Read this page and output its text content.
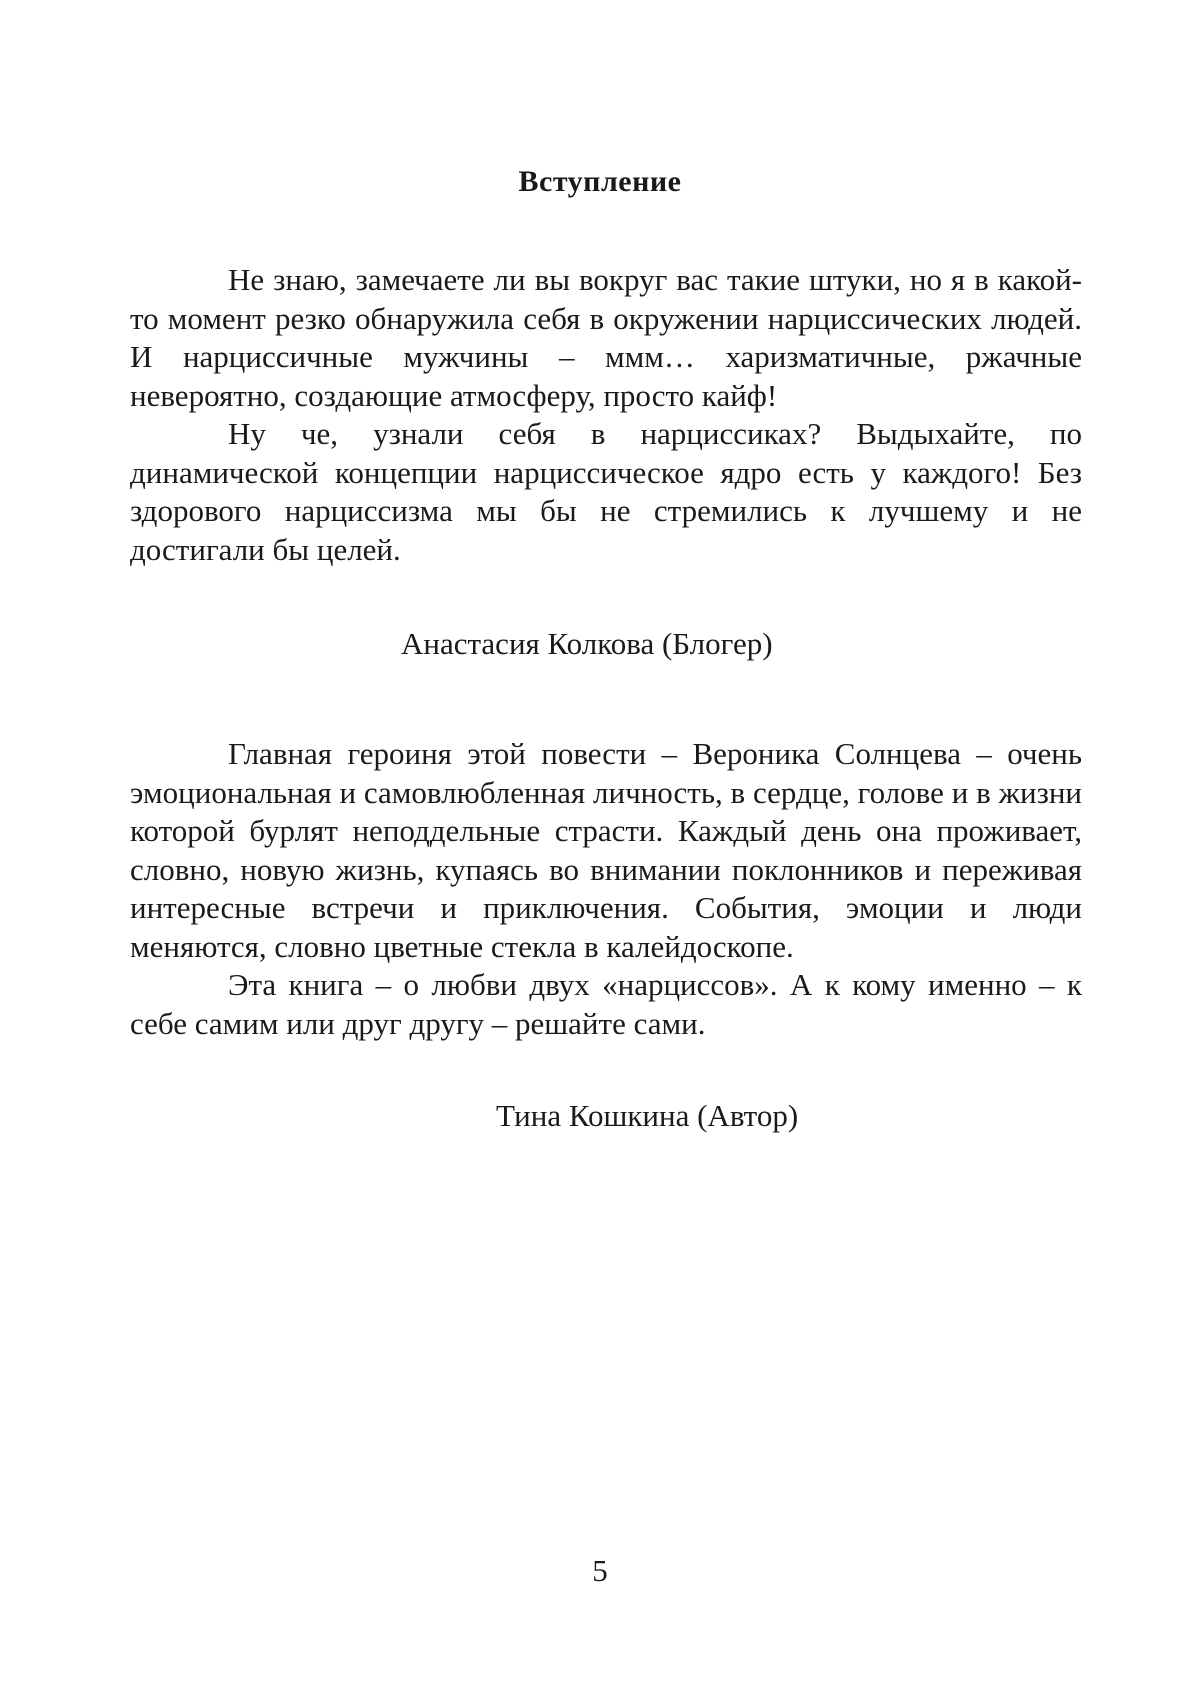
Вступление

Не знаю, замечаете ли вы вокруг вас такие штуки, но я в какой-то момент резко обнаружила себя в окружении нарциссических людей. И нарциссичные мужчины – ммм… харизматичные, ржачные невероятно, создающие атмосферу, просто кайф!

Ну че, узнали себя в нарциссиках? Выдыхайте, по динамической концепции нарциссическое ядро есть у каждого! Без здорового нарциссизма мы бы не стремились к лучшему и не достигали бы целей.

Анастасия Колкова (Блогер)

Главная героиня этой повести – Вероника Солнцева – очень эмоциональная и самовлюбленная личность, в сердце, голове и в жизни которой бурлят неподдельные страсти. Каждый день она проживает, словно, новую жизнь, купаясь во внимании поклонников и переживая интересные встречи и приключения. События, эмоции и люди меняются, словно цветные стекла в калейдоскопе.

Эта книга – о любви двух «нарциссов». А к кому именно – к себе самим или друг другу – решайте сами.

Тина Кошкина (Автор)
5
